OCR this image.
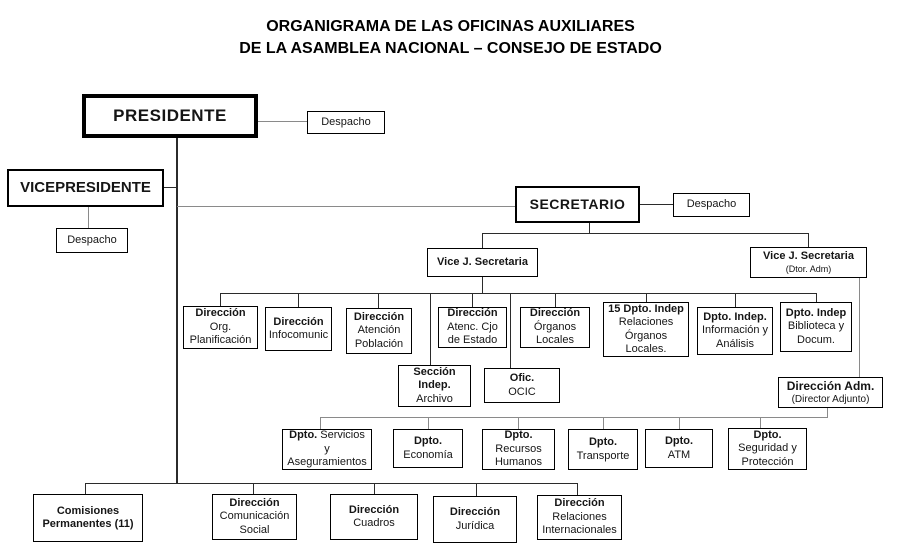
ORGANIGRAMA DE LAS OFICINAS AUXILIARES
DE LA ASAMBLEA NACIONAL – CONSEJO DE ESTADO
PRESIDENTE	Despacho
VICEPRESIDENTE
Despacho
SECRETARIO	Despacho
Vice J. Secretaria	Vice J. Secretaria
(Dtor. Adm)
Dirección
Org.
Planificación
Dirección
Infocomunic
Dirección
Atención
Población
Dirección
Atenc. Cjo
de Estado
Dirección
Órganos
Locales
15 Dpto. Indep
Relaciones
Órganos
Locales.
Dpto. Indep.
Información y
Análisis
Dpto. Indep
Biblioteca y
Docum.
Sección
Indep.
Archivo
Ofic.
OCIC	Dirección Adm.
(Director Adjunto)
Dpto. Servicios
y
Aseguramientos
Dpto.
Economía
Dpto.
Recursos
Humanos
Dpto.
Transporte
Dpto.
ATM
Dpto.
Seguridad y
Protección
Comisiones
Permanentes (11)
Dirección
Comunicación
Social
Dirección
Cuadros
Dirección
Jurídica
Dirección
Relaciones
Internacionales
